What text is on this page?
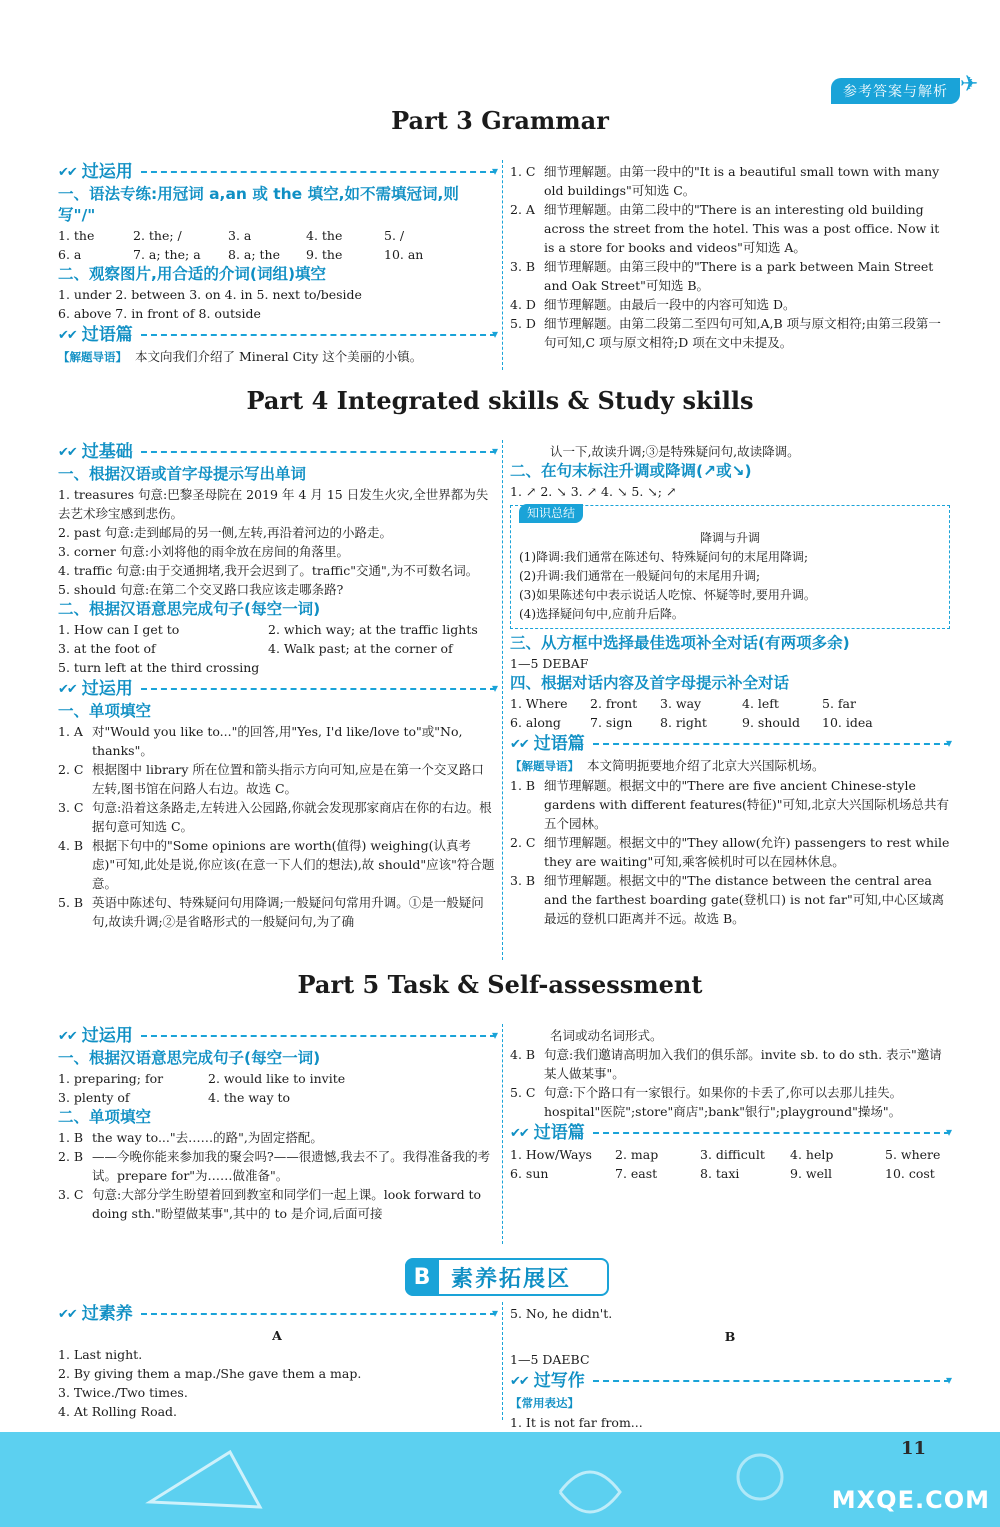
参考答案与解析 ✈
Part 3 Grammar
✔✔ 过运用
▾
一、语法专练:用冠词 a,an 或 the 填空,如不需填冠词,则写"/"
1. the	2. the; /	3. a	4. the	5. /
6. a	7. a; the; a	8. a; the	9. the	10. an
二、观察图片,用合适的介词(词组)填空

1. under 2. between 3. on 4. in 5. next to/beside

6. above 7. in front of 8. outside

✔✔ 过语篇
▾

【解题导语】 本文向我们介绍了 Mineral City 这个美丽的小镇。

1. C 细节理解题。由第一段中的"It is a beautiful small town with many old buildings"可知选 C。
2. A 细节理解题。由第二段中的"There is an interesting old building across the street from the hotel. This was a post office. Now it is a store for books and videos"可知选 A。
3. B 细节理解题。由第三段中的"There is a park between Main Street and Oak Street"可知选 B。
4. D 细节理解题。由最后一段中的内容可知选 D。
5. D 细节理解题。由第二段第二至四句可知,A,B 项与原文相符;由第三段第一句可知,C 项与原文相符;D 项在文中未提及。
Part 4 Integrated skills & Study skills
✔✔ 过基础
▾
一、根据汉语或首字母提示写出单词

1. treasures 句意:巴黎圣母院在 2019 年 4 月 15 日发生火灾,全世界都为失去艺术珍宝感到悲伤。

2. past 句意:走到邮局的另一侧,左转,再沿着河边的小路走。

3. corner 句意:小刘将他的雨伞放在房间的角落里。

4. traffic 句意:由于交通拥堵,我开会迟到了。traffic"交通",为不可数名词。

5. should 句意:在第二个交叉路口我应该走哪条路?

二、根据汉语意思完成句子(每空一词)
1. How can I get to	2. which way; at the traffic lights
3. at the foot of	4. Walk past; at the corner of

5. turn left at the third crossing

✔✔ 过运用
▾
一、单项填空
1. A 对"Would you like to..."的回答,用"Yes, I'd like/love to"或"No, thanks"。
2. C 根据图中 library 所在位置和箭头指示方向可知,应是在第一个交叉路口左转,图书馆在问路人右边。故选 C。
3. C 句意:沿着这条路走,左转进入公园路,你就会发现那家商店在你的右边。根据句意可知选 C。
4. B 根据下句中的"Some opinions are worth(值得) weighing(认真考虑)"可知,此处是说,你应该(在意一下人们的想法),故 should"应该"符合题意。
5. B 英语中陈述句、特殊疑问句用降调;一般疑问句常用升调。①是一般疑问句,故读升调;②是省略形式的一般疑问句,为了确

认一下,故读升调;③是特殊疑问句,故读降调。

二、在句末标注升调或降调(↗或↘)

1. ↗ 2. ↘ 3. ↗ 4. ↘ 5. ↘; ↗

知识总结
降调与升调
(1)降调:我们通常在陈述句、特殊疑问句的末尾用降调;
(2)升调:我们通常在一般疑问句的末尾用升调;
(3)如果陈述句中表示说话人吃惊、怀疑等时,要用升调。
(4)选择疑问句中,应前升后降。
三、从方框中选择最佳选项补全对话(有两项多余)

1—5 DEBAF

四、根据对话内容及首字母提示补全对话
1. Where	2. front	3. way	4. left	5. far
6. along	7. sign	8. right	9. should	10. idea
✔✔ 过语篇
▾

【解题导语】 本文简明扼要地介绍了北京大兴国际机场。

1. B 细节理解题。根据文中的"There are five ancient Chinese-style gardens with different features(特征)"可知,北京大兴国际机场总共有五个园林。
2. C 细节理解题。根据文中的"They allow(允许) passengers to rest while they are waiting"可知,乘客候机时可以在园林休息。
3. B 细节理解题。根据文中的"The distance between the central area and the farthest boarding gate(登机口) is not far"可知,中心区域离最远的登机口距离并不远。故选 B。
Part 5 Task & Self-assessment
✔✔ 过运用
▾
一、根据汉语意思完成句子(每空一词)
1. preparing; for	2. would like to invite
3. plenty of	4. the way to
二、单项填空
1. B the way to..."去……的路",为固定搭配。
2. B ——今晚你能来参加我的聚会吗?——很遗憾,我去不了。我得准备我的考试。prepare for"为……做准备"。
3. C 句意:大部分学生盼望着回到教室和同学们一起上课。look forward to doing sth."盼望做某事",其中的 to 是介词,后面可接

名词或动名词形式。

4. B 句意:我们邀请高明加入我们的俱乐部。invite sb. to do sth. 表示"邀请某人做某事"。
5. C 句意:下个路口有一家银行。如果你的卡丢了,你可以去那儿挂失。hospital"医院";store"商店";bank"银行";playground"操场"。
✔✔ 过语篇
▾
1. How/Ways	2. map	3. difficult	4. help	5. where
6. sun	7. east	8. taxi	9. well	10. cost
B 素养拓展区
✔✔ 过素养
▾
A

1. Last night.

2. By giving them a map./She gave them a map.

3. Twice./Two times.

4. At Rolling Road.

5. No, he didn't.

B

1—5 DAEBC

✔✔ 过写作
▾

【常用表达】

1. It is not far from...

11
MXQE.COM
